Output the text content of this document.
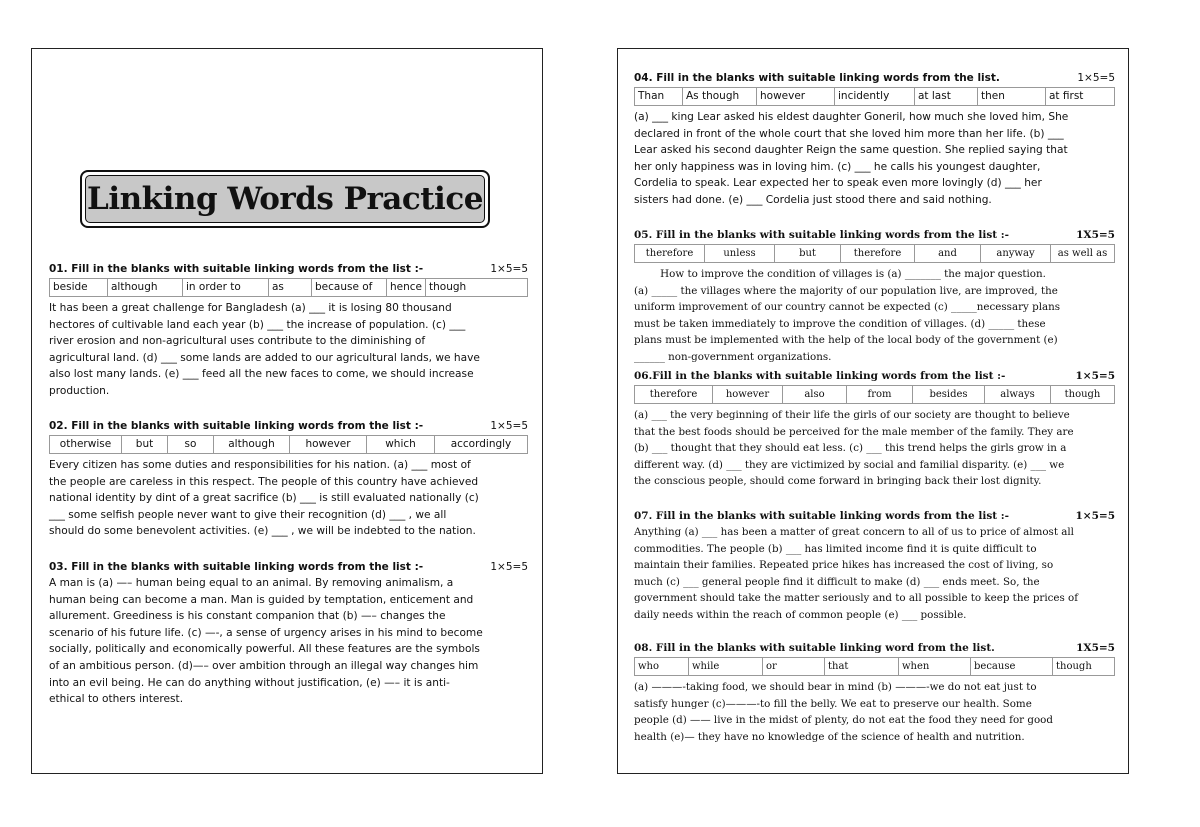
Linking Words Practice
01. Fill in the blanks with suitable linking words from the list :-	1×5=5
beside	although	in order to	as	because of	hence	though
It has been a great challenge for Bangladesh (a) ___ it is losing 80 thousand
hectores of cultivable land each year (b) ___ the increase of population. (c) ___
river erosion and non-agricultural uses contribute to the diminishing of
agricultural land. (d) ___ some lands are added to our agricultural lands, we have
also lost many lands. (e) ___ feed all the new faces to come, we should increase
production.
02. Fill in the blanks with suitable linking words from the list :-	1×5=5
otherwise	but	so	although	however	which	accordingly
Every citizen has some duties and responsibilities for his nation. (a) ___ most of
the people are careless in this respect. The people of this country have achieved
national identity by dint of a great sacrifice (b) ___ is still evaluated nationally (c)
___ some selfish people never want to give their recognition (d) ___ , we all
should do some benevolent activities. (e) ___ , we will be indebted to the nation.
03. Fill in the blanks with suitable linking words from the list :-	1×5=5
A man is (a) —– human being equal to an animal. By removing animalism, a
human being can become a man. Man is guided by temptation, enticement and
allurement. Greediness is his constant companion that (b) —– changes the
scenario of his future life. (c) —-, a sense of urgency arises in his mind to become
socially, politically and economically powerful. All these features are the symbols
of an ambitious person. (d)—– over ambition through an illegal way changes him
into an evil being. He can do anything without justification, (e) —– it is anti-
ethical to others interest.
04. Fill in the blanks with suitable linking words from the list.	1×5=5
Than	As though	however	incidently	at last	then	at first
(a) ___ king Lear asked his eldest daughter Goneril, how much she loved him, She
declared in front of the whole court that she loved him more than her life. (b) ___
Lear asked his second daughter Reign the same question. She replied saying that
her only happiness was in loving him. (c) ___ he calls his youngest daughter,
Cordelia to speak. Lear expected her to speak even more lovingly (d) ___ her
sisters had done. (e) ___ Cordelia just stood there and said nothing.
05. Fill in the blanks with suitable linking words from the list :-	1X5=5
therefore	unless	but	therefore	and	anyway	as well as
How to improve the condition of villages is (a) _______ the major question.
(a) _____ the villages where the majority of our population live, are improved, the
uniform improvement of our country cannot be expected (c) _____necessary plans
must be taken immediately to improve the condition of villages. (d) _____ these
plans must be implemented with the help of the local body of the government (e)
______ non-government organizations.
06.Fill in the blanks with suitable linking words from the list :-	1×5=5
therefore	however	also	from	besides	always	though
(a) ___ the very beginning of their life the girls of our society are thought to believe
that the best foods should be perceived for the male member of the family. They are
(b) ___ thought that they should eat less. (c) ___ this trend helps the girls grow in a
different way. (d) ___ they are victimized by social and familial disparity. (e) ___ we
the conscious people, should come forward in bringing back their lost dignity.
07. Fill in the blanks with suitable linking words from the list :-	1×5=5
Anything (a) ___ has been a matter of great concern to all of us to price of almost all
commodities. The people (b) ___ has limited income find it is quite difficult to
maintain their families. Repeated price hikes has increased the cost of living, so
much (c) ___ general people find it difficult to make (d) ___ ends meet. So, the
government should take the matter seriously and to all possible to keep the prices of
daily needs within the reach of common people (e) ___ possible.
08. Fill in the blanks with suitable linking word from the list.	1X5=5
who	while	or	that	when	because	though
(a) ———-taking food, we should bear in mind (b) ———-we do not eat just to
satisfy hunger (c)———-to fill the belly. We eat to preserve our health. Some
people (d) —— live in the midst of plenty, do not eat the food they need for good
health (e)— they have no knowledge of the science of health and nutrition.
